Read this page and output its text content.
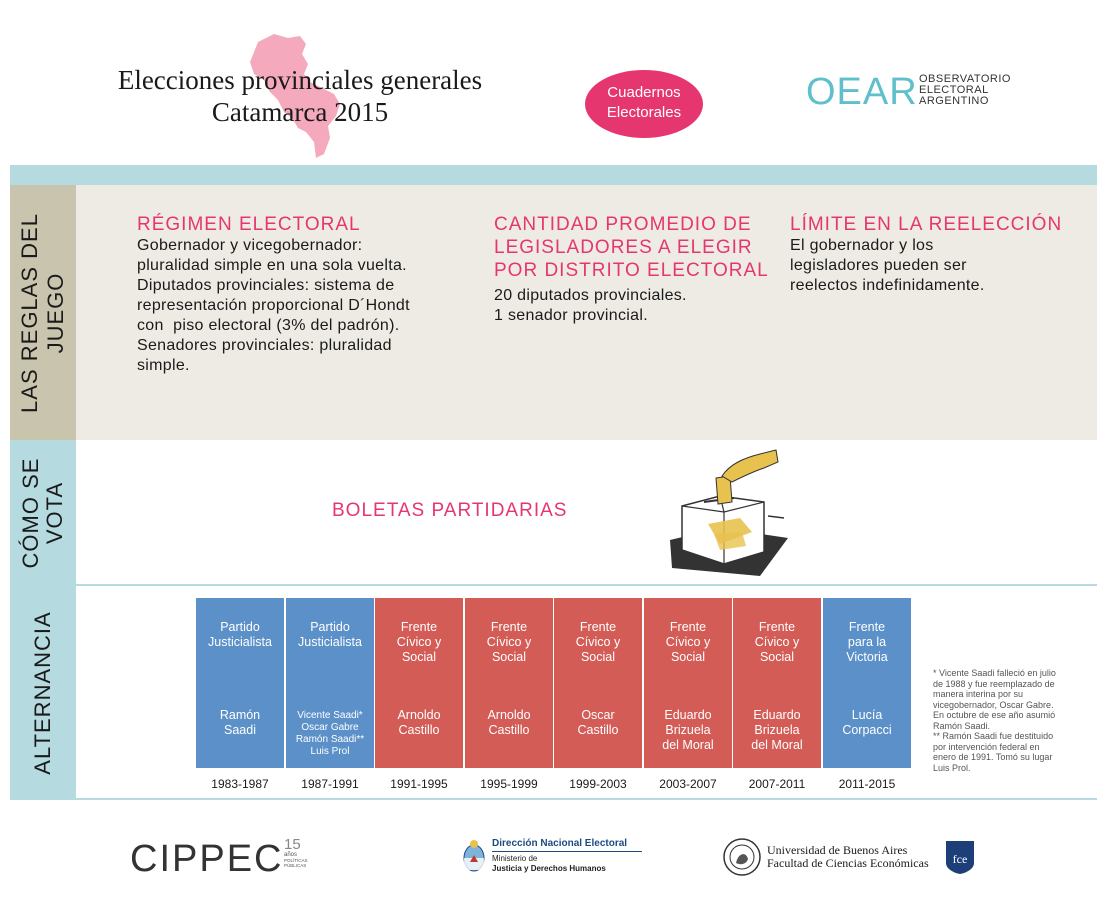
Elecciones provinciales generales
Catamarca 2015
Cuadernos
Electorales	OEAR OBSERVATORIO
ELECTORAL
ARGENTINO
LAS REGLAS DEL JUEGO
CÓMO SE VOTA
ALTERNANCIA
RÉGIMEN ELECTORAL

Gobernador y vicegobernador:

pluralidad simple en una sola vuelta.

Diputados provinciales: sistema de

representación proporcional D´Hondt

con  piso electoral (3% del padrón).

Senadores provinciales: pluralidad

simple.

CANTIDAD PROMEDIO DE
LEGISLADORES A ELEGIR
POR DISTRITO ELECTORAL

20 diputados provinciales.

1 senador provincial.

LÍMITE EN LA REELECCIÓN

El gobernador y los

legisladores pueden ser

reelectos indefinidamente.

BOLETAS PARTIDARIAS
Partido
Justicialista
Ramón
Saadi
1983-1987
Partido
Justicialista
Vicente Saadi*
Oscar Gabre
Ramón Saadi**
Luis Prol
1987-1991
Frente
Cívico y
Social
Arnoldo
Castillo
1991-1995
Frente
Cívico y
Social
Arnoldo
Castillo
1995-1999
Frente
Cívico y
Social
Oscar
Castillo
1999-2003
Frente
Cívico y
Social
Eduardo
Brizuela
del Moral
2003-2007
Frente
Cívico y
Social
Eduardo
Brizuela
del Moral
2007-2011
Frente
para la
Victoria
Lucía
Corpacci
2011-2015
* Vicente Saadi falleció en julio
de 1988 y fue reemplazado de
manera interina por su
vicegobernador, Oscar Gabre.
En octubre de ese año asumió
Ramón Saadi.
** Ramón Saadi fue destituido
por intervención federal en
enero de 1991. Tomó su lugar
Luis Prol.
CIPPEC 15
años
POLÍTICAS
PÚBLICAS
Dirección Nacional Electoral
Ministerio de
Justicia y Derechos Humanos
Universidad de Buenos Aires
Facultad de Ciencias Económicas fce
